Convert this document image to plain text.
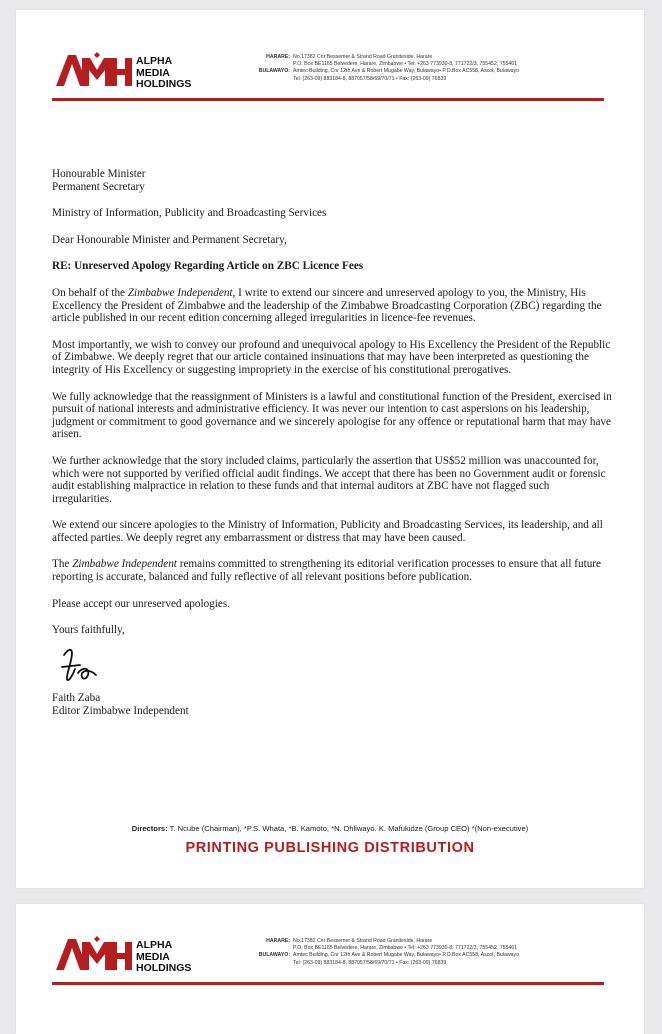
ALPHA
MEDIA
HOLDINGS
HARARE: No.17382 Cnr Bessemer & Strand Road Graniteside, Harare
P.O. Box BE1165 Belvedere, Harare, Zimbabwe • Tel: +263 773930-8, 771722/3, 755452, 755461
BULAWAYO: Amtec Building, Cnr 12th Ave & Robert Mugabe Way, Bulawayo• P.O.Box AC558, Ascot, Bulawayo
Tel: (263-09) 883184-8, 887057/58/69/70/71 • Fax: (263-09) 76839

Honourable Minister

Permanent Secretary

Ministry of Information, Publicity and Broadcasting Services

Dear Honourable Minister and Permanent Secretary,

RE: Unreserved Apology Regarding Article on ZBC Licence Fees

On behalf of the Zimbabwe Independent, I write to extend our sincere and unreserved apology to you, the Ministry, His Excellency the President of Zimbabwe and the leadership of the Zimbabwe Broadcasting Corporation (ZBC) regarding the article published in our recent edition concerning alleged irregularities in licence-fee revenues.

Most importantly, we wish to convey our profound and unequivocal apology to His Excellency the President of the Republic of Zimbabwe. We deeply regret that our article contained insinuations that may have been interpreted as questioning the integrity of His Excellency or suggesting impropriety in the exercise of his constitutional prerogatives.

We fully acknowledge that the reassignment of Ministers is a lawful and constitutional function of the President, exercised in pursuit of national interests and administrative efficiency. It was never our intention to cast aspersions on his leadership, judgment or commitment to good governance and we sincerely apologise for any offence or reputational harm that may have arisen.

We further acknowledge that the story included claims, particularly the assertion that US$52 million was unaccounted for, which were not supported by verified official audit findings. We accept that there has been no Government audit or forensic audit establishing malpractice in relation to these funds and that internal auditors at ZBC have not flagged such irregularities.

We extend our sincere apologies to the Ministry of Information, Publicity and Broadcasting Services, its leadership, and all affected parties. We deeply regret any embarrassment or distress that may have been caused.

The Zimbabwe Independent remains committed to strengthening its editorial verification processes to ensure that all future reporting is accurate, balanced and fully reflective of all relevant positions before publication.

Please accept our unreserved apologies.

Yours faithfully,

Faith Zaba

Editor Zimbabwe Independent

Directors: T. Ncube (Chairman), *P.S. Whata, *B. Kamoto, *N. Dhliwayo. K. Mafukidze (Group CEO) *(Non-executive)
PRINTING PUBLISHING DISTRIBUTION
ALPHA
MEDIA
HOLDINGS
HARARE: No.17382 Cnr Bessemer & Strand Road Graniteside, Harare
P.O. Box BE1165 Belvedere, Harare, Zimbabwe • Tel: +263 773930-8, 771722/3, 755452, 755461
BULAWAYO: Amtec Building, Cnr 12th Ave & Robert Mugabe Way, Bulawayo• P.O.Box AC558, Ascot, Bulawayo
Tel: (263-09) 883184-8, 887057/58/69/70/71 • Fax: (263-09) 76839
